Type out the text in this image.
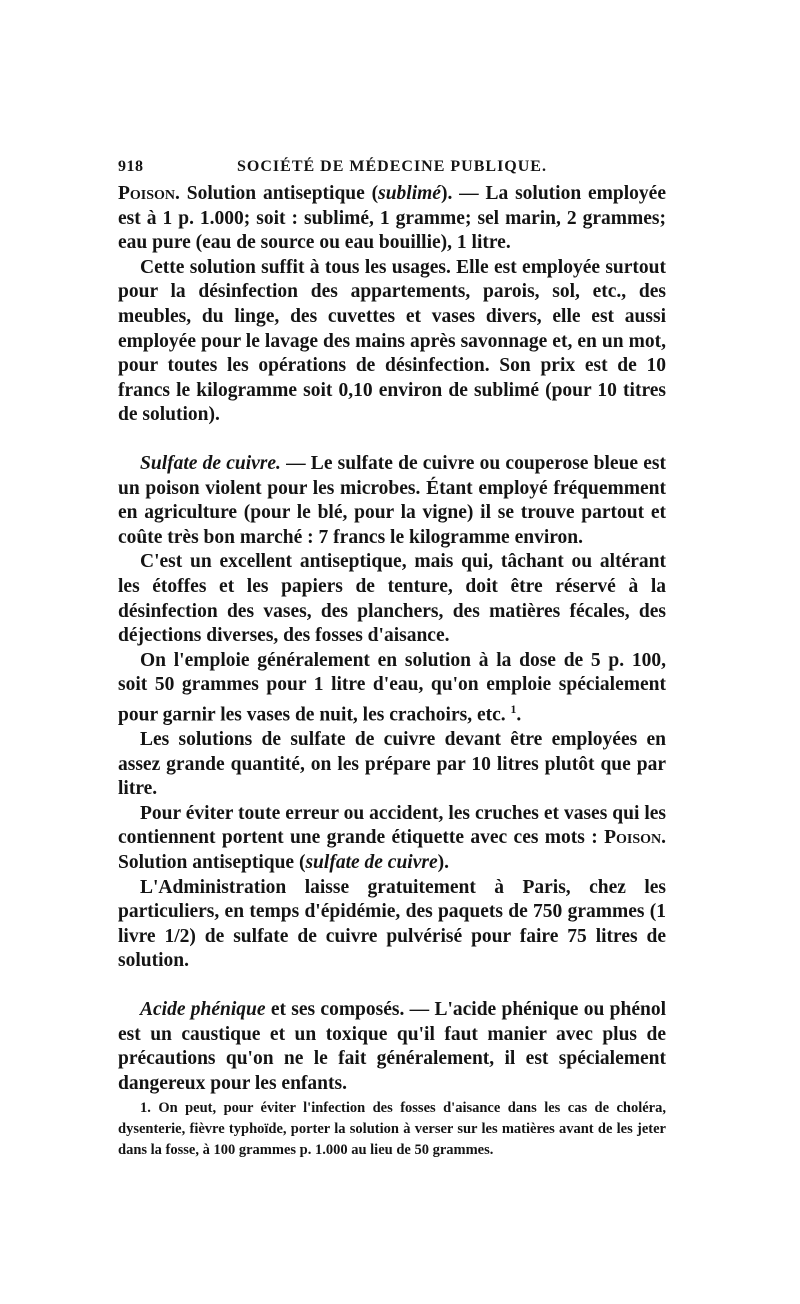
918	SOCIÉTÉ DE MÉDECINE PUBLIQUE.

Poison. Solution antiseptique (sublimé). — La solution employée est à 1 p. 1.000; soit : sublimé, 1 gramme; sel marin, 2 grammes; eau pure (eau de source ou eau bouillie), 1 litre.

Cette solution suffit à tous les usages. Elle est employée surtout pour la désinfection des appartements, parois, sol, etc., des meubles, du linge, des cuvettes et vases divers, elle est aussi employée pour le lavage des mains après savonnage et, en un mot, pour toutes les opérations de désinfection. Son prix est de 10 francs le kilogramme soit 0,10 environ de sublimé (pour 10 titres de solution).

Sulfate de cuivre. — Le sulfate de cuivre ou couperose bleue est un poison violent pour les microbes. Étant employé fréquemment en agriculture (pour le blé, pour la vigne) il se trouve partout et coûte très bon marché : 7 francs le kilogramme environ.

C'est un excellent antiseptique, mais qui, tâchant ou altérant les étoffes et les papiers de tenture, doit être réservé à la désinfection des vases, des planchers, des matières fécales, des déjections diverses, des fosses d'aisance.

On l'emploie généralement en solution à la dose de 5 p. 100, soit 50 grammes pour 1 litre d'eau, qu'on emploie spécialement pour garnir les vases de nuit, les crachoirs, etc. $^1$.

Les solutions de sulfate de cuivre devant être employées en assez grande quantité, on les prépare par 10 litres plutôt que par litre.

Pour éviter toute erreur ou accident, les cruches et vases qui les contiennent portent une grande étiquette avec ces mots : Poison. Solution antiseptique (sulfate de cuivre).

L'Administration laisse gratuitement à Paris, chez les particuliers, en temps d'épidémie, des paquets de 750 grammes (1 livre 1/2) de sulfate de cuivre pulvérisé pour faire 75 litres de solution.

Acide phénique et ses composés. — L'acide phénique ou phénol est un caustique et un toxique qu'il faut manier avec plus de précautions qu'on ne le fait généralement, il est spécialement dangereux pour les enfants.

1. On peut, pour éviter l'infection des fosses d'aisance dans les cas de choléra, dysenterie, fièvre typhoïde, porter la solution à verser sur les matières avant de les jeter dans la fosse, à 100 grammes p. 1.000 au lieu de 50 grammes.
